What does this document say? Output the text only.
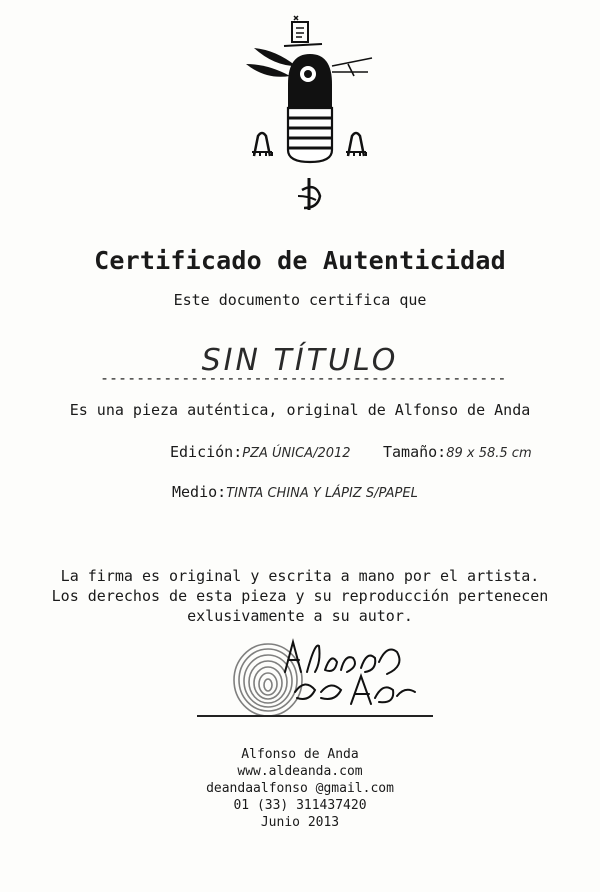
Certificado de Autenticidad
Este documento certifica que
SIN TÍTULO
---------------------------------------------
Es una pieza auténtica, original de Alfonso de Anda
Edición:PZA ÚNICA/2012 Tamaño:89 x 58.5 cm
Medio:TINTA CHINA Y LÁPIZ S/PAPEL
La firma es original y escrita a mano por el artista.
Los derechos de esta pieza y su reproducción pertenecen
exlusivamente a su autor.
Alfonso de Anda
www.aldeanda.com
deandaalfonso @gmail.com
01 (33) 311437420
Junio 2013
